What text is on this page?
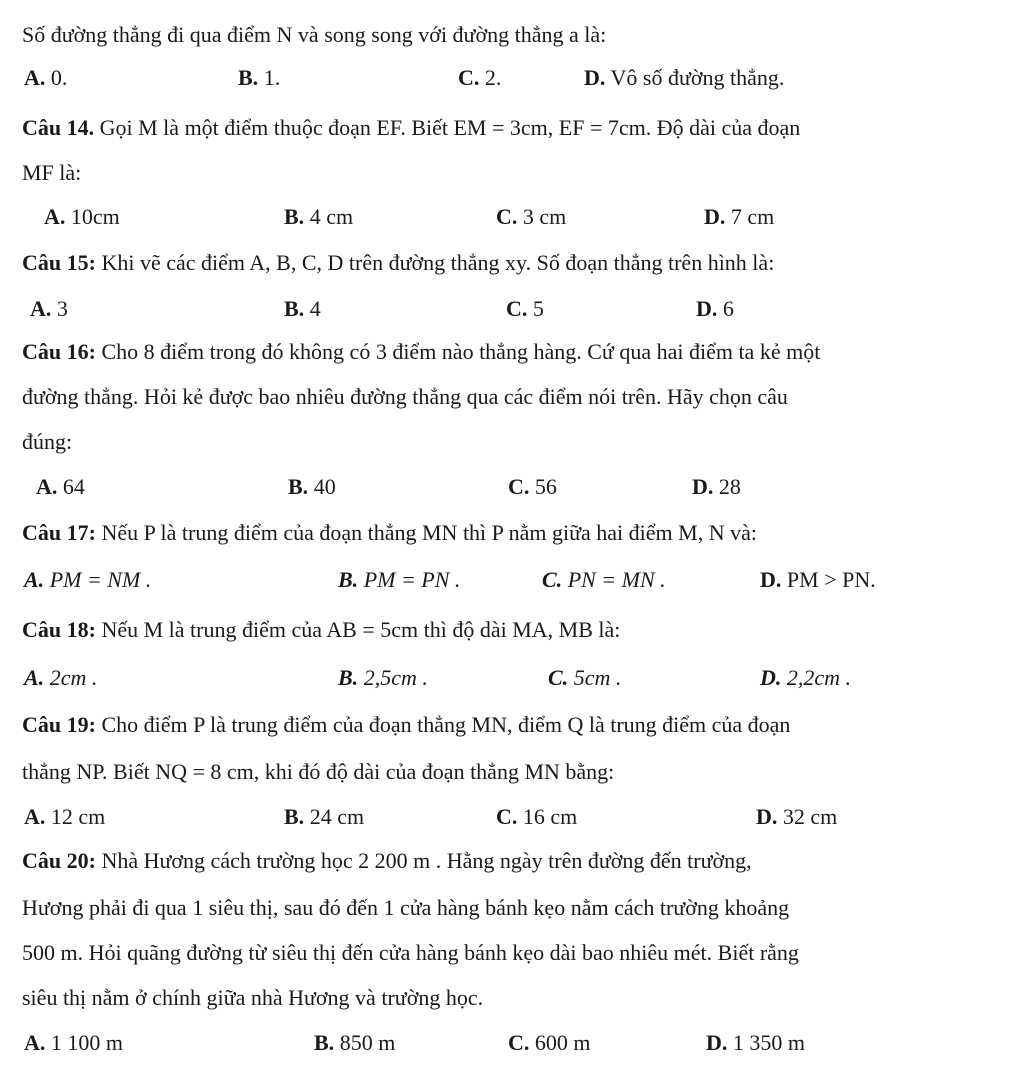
Số đường thẳng đi qua điểm N và song song với đường thẳng a là:
A. 0.	B. 1.	C. 2.	D. Vô số đường thẳng.
Câu 14. Gọi M là một điểm thuộc đoạn EF. Biết EM = 3cm, EF = 7cm. Độ dài của đoạn
MF là:
A. 10cm	B. 4 cm	C. 3 cm	D. 7 cm
Câu 15: Khi vẽ các điểm A, B, C, D trên đường thẳng xy. Số đoạn thẳng trên hình là:
A. 3	B. 4	C. 5	D. 6
Câu 16: Cho 8 điểm trong đó không có 3 điểm nào thẳng hàng. Cứ qua hai điểm ta kẻ một
đường thẳng. Hỏi kẻ được bao nhiêu đường thẳng qua các điểm nói trên. Hãy chọn câu
đúng:
A. 64	B. 40	C. 56	D. 28
Câu 17: Nếu P là trung điểm của đoạn thẳng MN thì P nằm giữa hai điểm M, N và:
A. PM = NM .	B. PM = PN .	C. PN = MN .	D. PM > PN.
Câu 18: Nếu M là trung điểm của AB = 5cm thì độ dài MA, MB là:
A. 2cm .	B. 2,5cm .	C. 5cm .	D. 2,2cm .
Câu 19: Cho điểm P là trung điểm của đoạn thẳng MN, điểm Q là trung điểm của đoạn
thẳng NP. Biết NQ = 8 cm, khi đó độ dài của đoạn thẳng MN bằng:
A. 12 cm	B. 24 cm	C. 16 cm	D. 32 cm
Câu 20: Nhà Hương cách trường học 2 200 m . Hằng ngày trên đường đến trường,
Hương phải đi qua 1 siêu thị, sau đó đến 1 cửa hàng bánh kẹo nằm cách trường khoảng
500 m. Hỏi quãng đường từ siêu thị đến cửa hàng bánh kẹo dài bao nhiêu mét. Biết rằng
siêu thị nằm ở chính giữa nhà Hương và trường học.
A. 1 100 m	B. 850 m	C. 600 m	D. 1 350 m
